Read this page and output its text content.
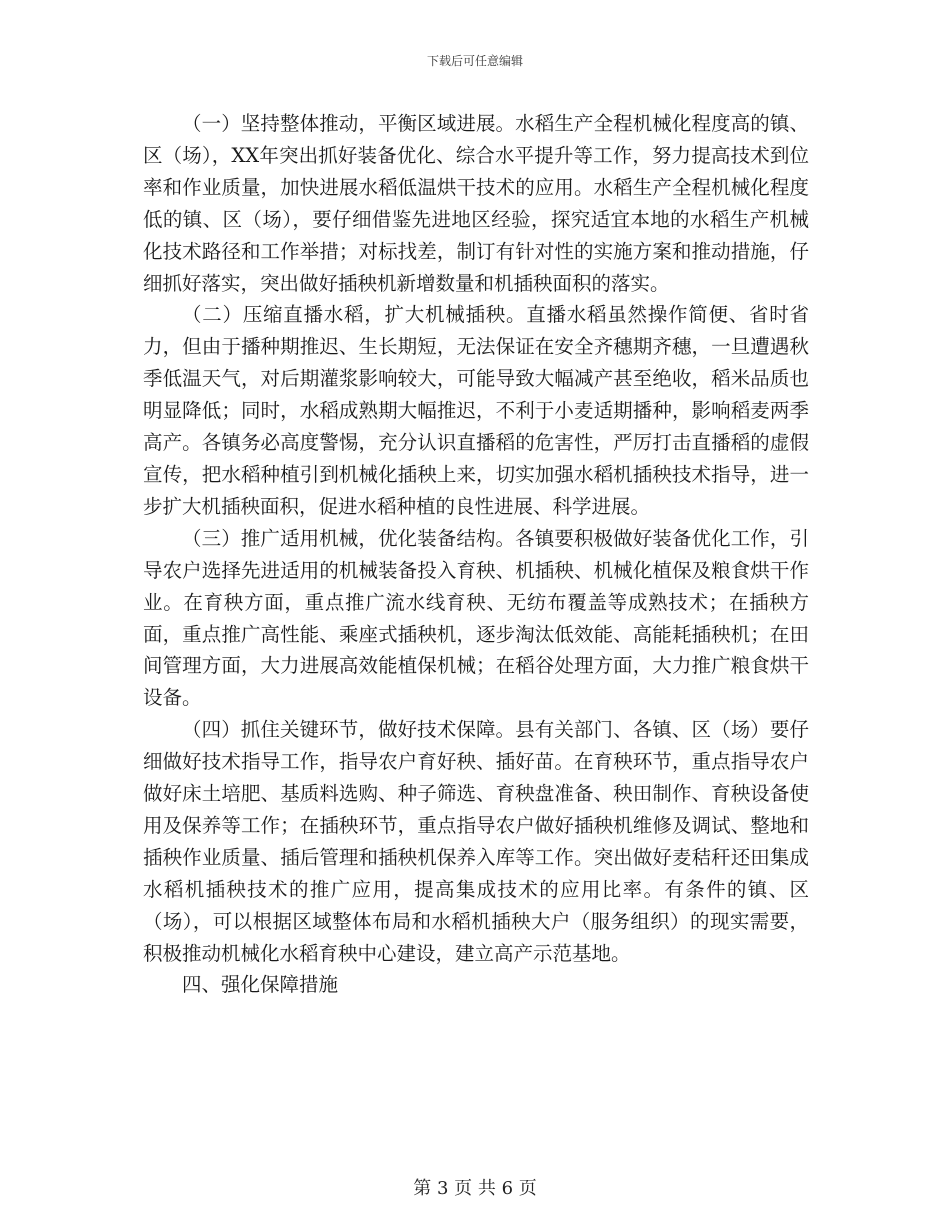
下载后可任意编辑

（一）坚持整体推动，平衡区域进展。水稻生产全程机械化程度高的镇、区（场），XX年突出抓好装备优化、综合水平提升等工作，努力提高技术到位率和作业质量，加快进展水稻低温烘干技术的应用。水稻生产全程机械化程度低的镇、区（场），要仔细借鉴先进地区经验，探究适宜本地的水稻生产机械化技术路径和工作举措；对标找差，制订有针对性的实施方案和推动措施，仔细抓好落实，突出做好插秧机新增数量和机插秧面积的落实。

（二）压缩直播水稻，扩大机械插秧。直播水稻虽然操作简便、省时省力，但由于播种期推迟、生长期短，无法保证在安全齐穗期齐穗，一旦遭遇秋季低温天气，对后期灌浆影响较大，可能导致大幅减产甚至绝收，稻米品质也明显降低；同时，水稻成熟期大幅推迟，不利于小麦适期播种，影响稻麦两季高产。各镇务必高度警惕，充分认识直播稻的危害性，严厉打击直播稻的虚假宣传，把水稻种植引到机械化插秧上来，切实加强水稻机插秧技术指导，进一步扩大机插秧面积，促进水稻种植的良性进展、科学进展。

（三）推广适用机械，优化装备结构。各镇要积极做好装备优化工作，引导农户选择先进适用的机械装备投入育秧、机插秧、机械化植保及粮食烘干作业。在育秧方面，重点推广流水线育秧、无纺布覆盖等成熟技术；在插秧方面，重点推广高性能、乘座式插秧机，逐步淘汰低效能、高能耗插秧机；在田间管理方面，大力进展高效能植保机械；在稻谷处理方面，大力推广粮食烘干设备。

（四）抓住关键环节，做好技术保障。县有关部门、各镇、区（场）要仔细做好技术指导工作，指导农户育好秧、插好苗。在育秧环节，重点指导农户做好床土培肥、基质料选购、种子筛选、育秧盘准备、秧田制作、育秧设备使用及保养等工作；在插秧环节，重点指导农户做好插秧机维修及调试、整地和插秧作业质量、插后管理和插秧机保养入库等工作。突出做好麦秸秆还田集成水稻机插秧技术的推广应用，提高集成技术的应用比率。有条件的镇、区（场），可以根据区域整体布局和水稻机插秧大户（服务组织）的现实需要，积极推动机械化水稻育秧中心建设，建立高产示范基地。

四、强化保障措施

第 3 页 共 6 页
